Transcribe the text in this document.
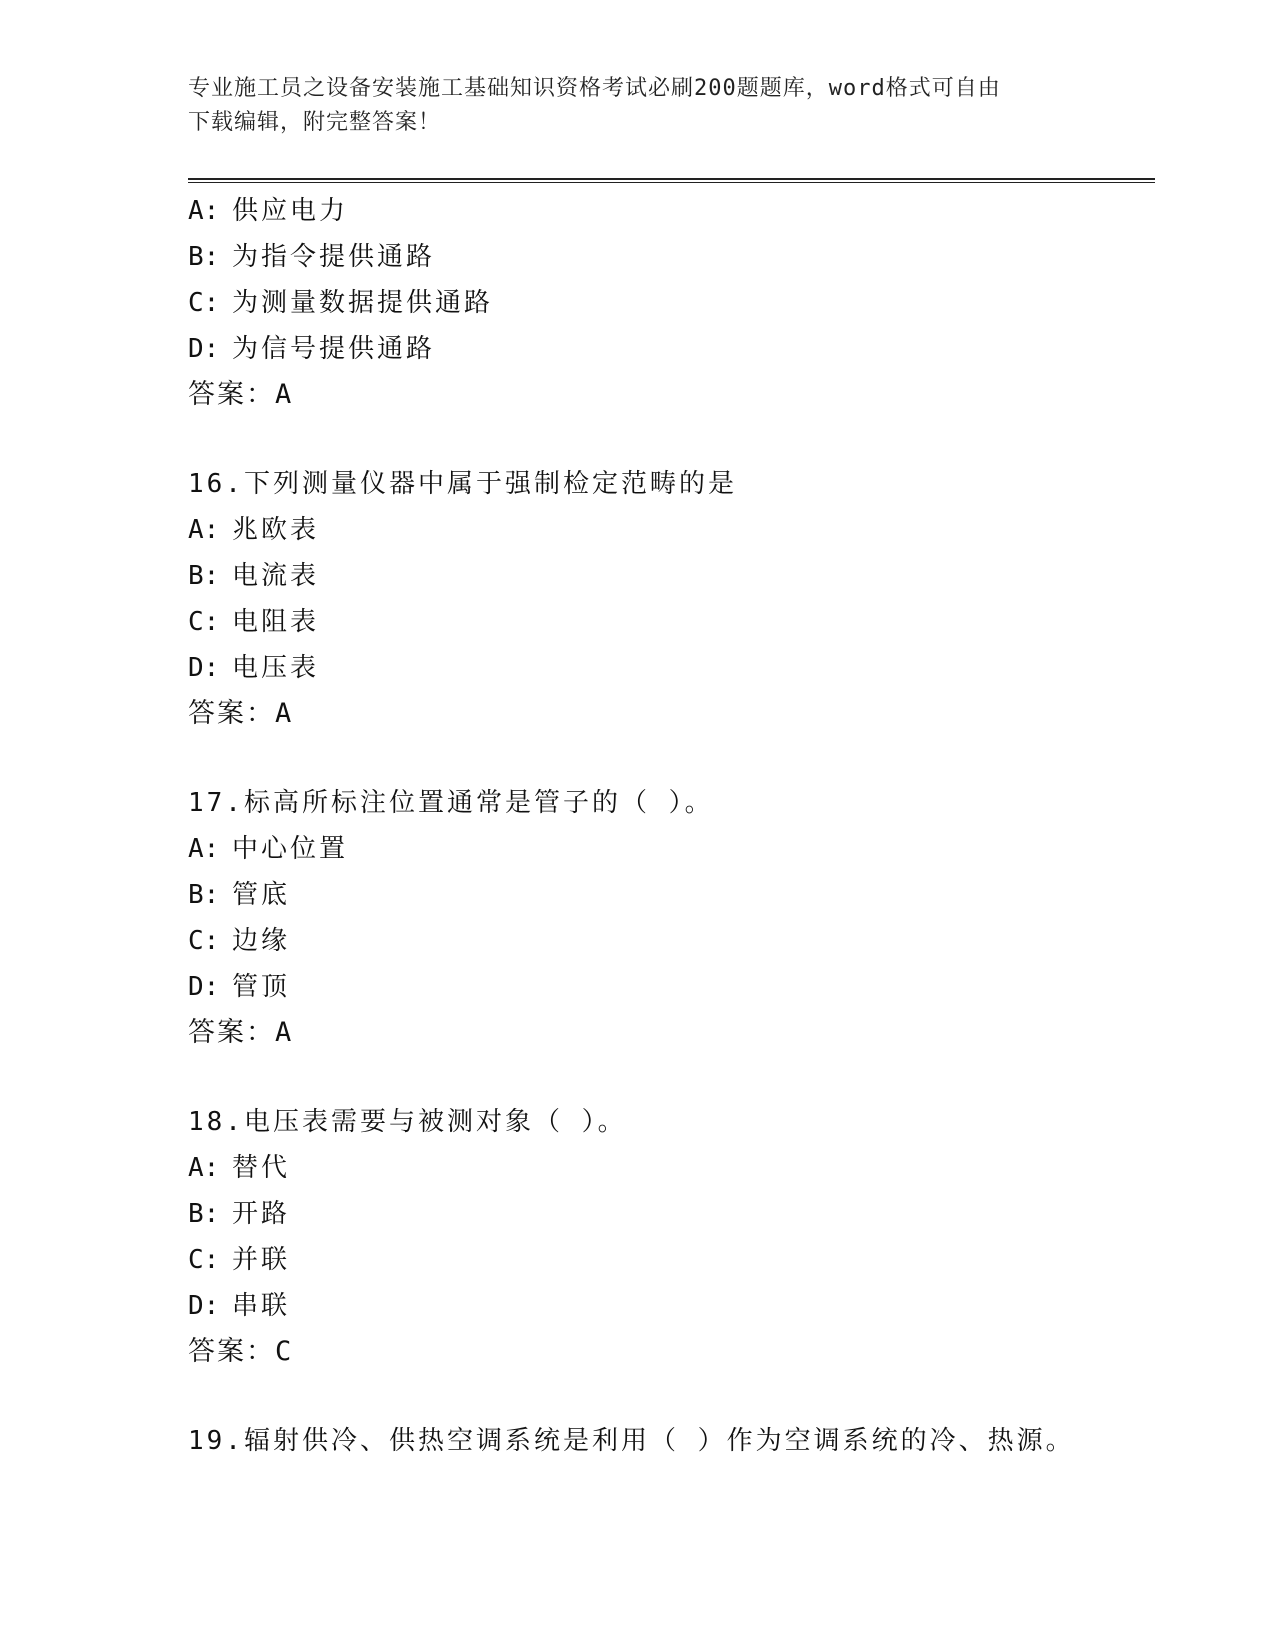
专业施工员之设备安装施工基础知识资格考试必刷200题题库，word格式可自由
下载编辑，附完整答案！
A: 供应电力
B: 为指令提供通路
C: 为测量数据提供通路
D: 为信号提供通路
答案：A
16.下列测量仪器中属于强制检定范畴的是
A: 兆欧表
B: 电流表
C: 电阻表
D: 电压表
答案：A
17.标高所标注位置通常是管子的（ ）。
A: 中心位置
B: 管底
C: 边缘
D: 管顶
答案：A
18.电压表需要与被测对象（ ）。
A: 替代
B: 开路
C: 并联
D: 串联
答案：C
19.辐射供冷、供热空调系统是利用（ ）作为空调系统的冷、热源。
